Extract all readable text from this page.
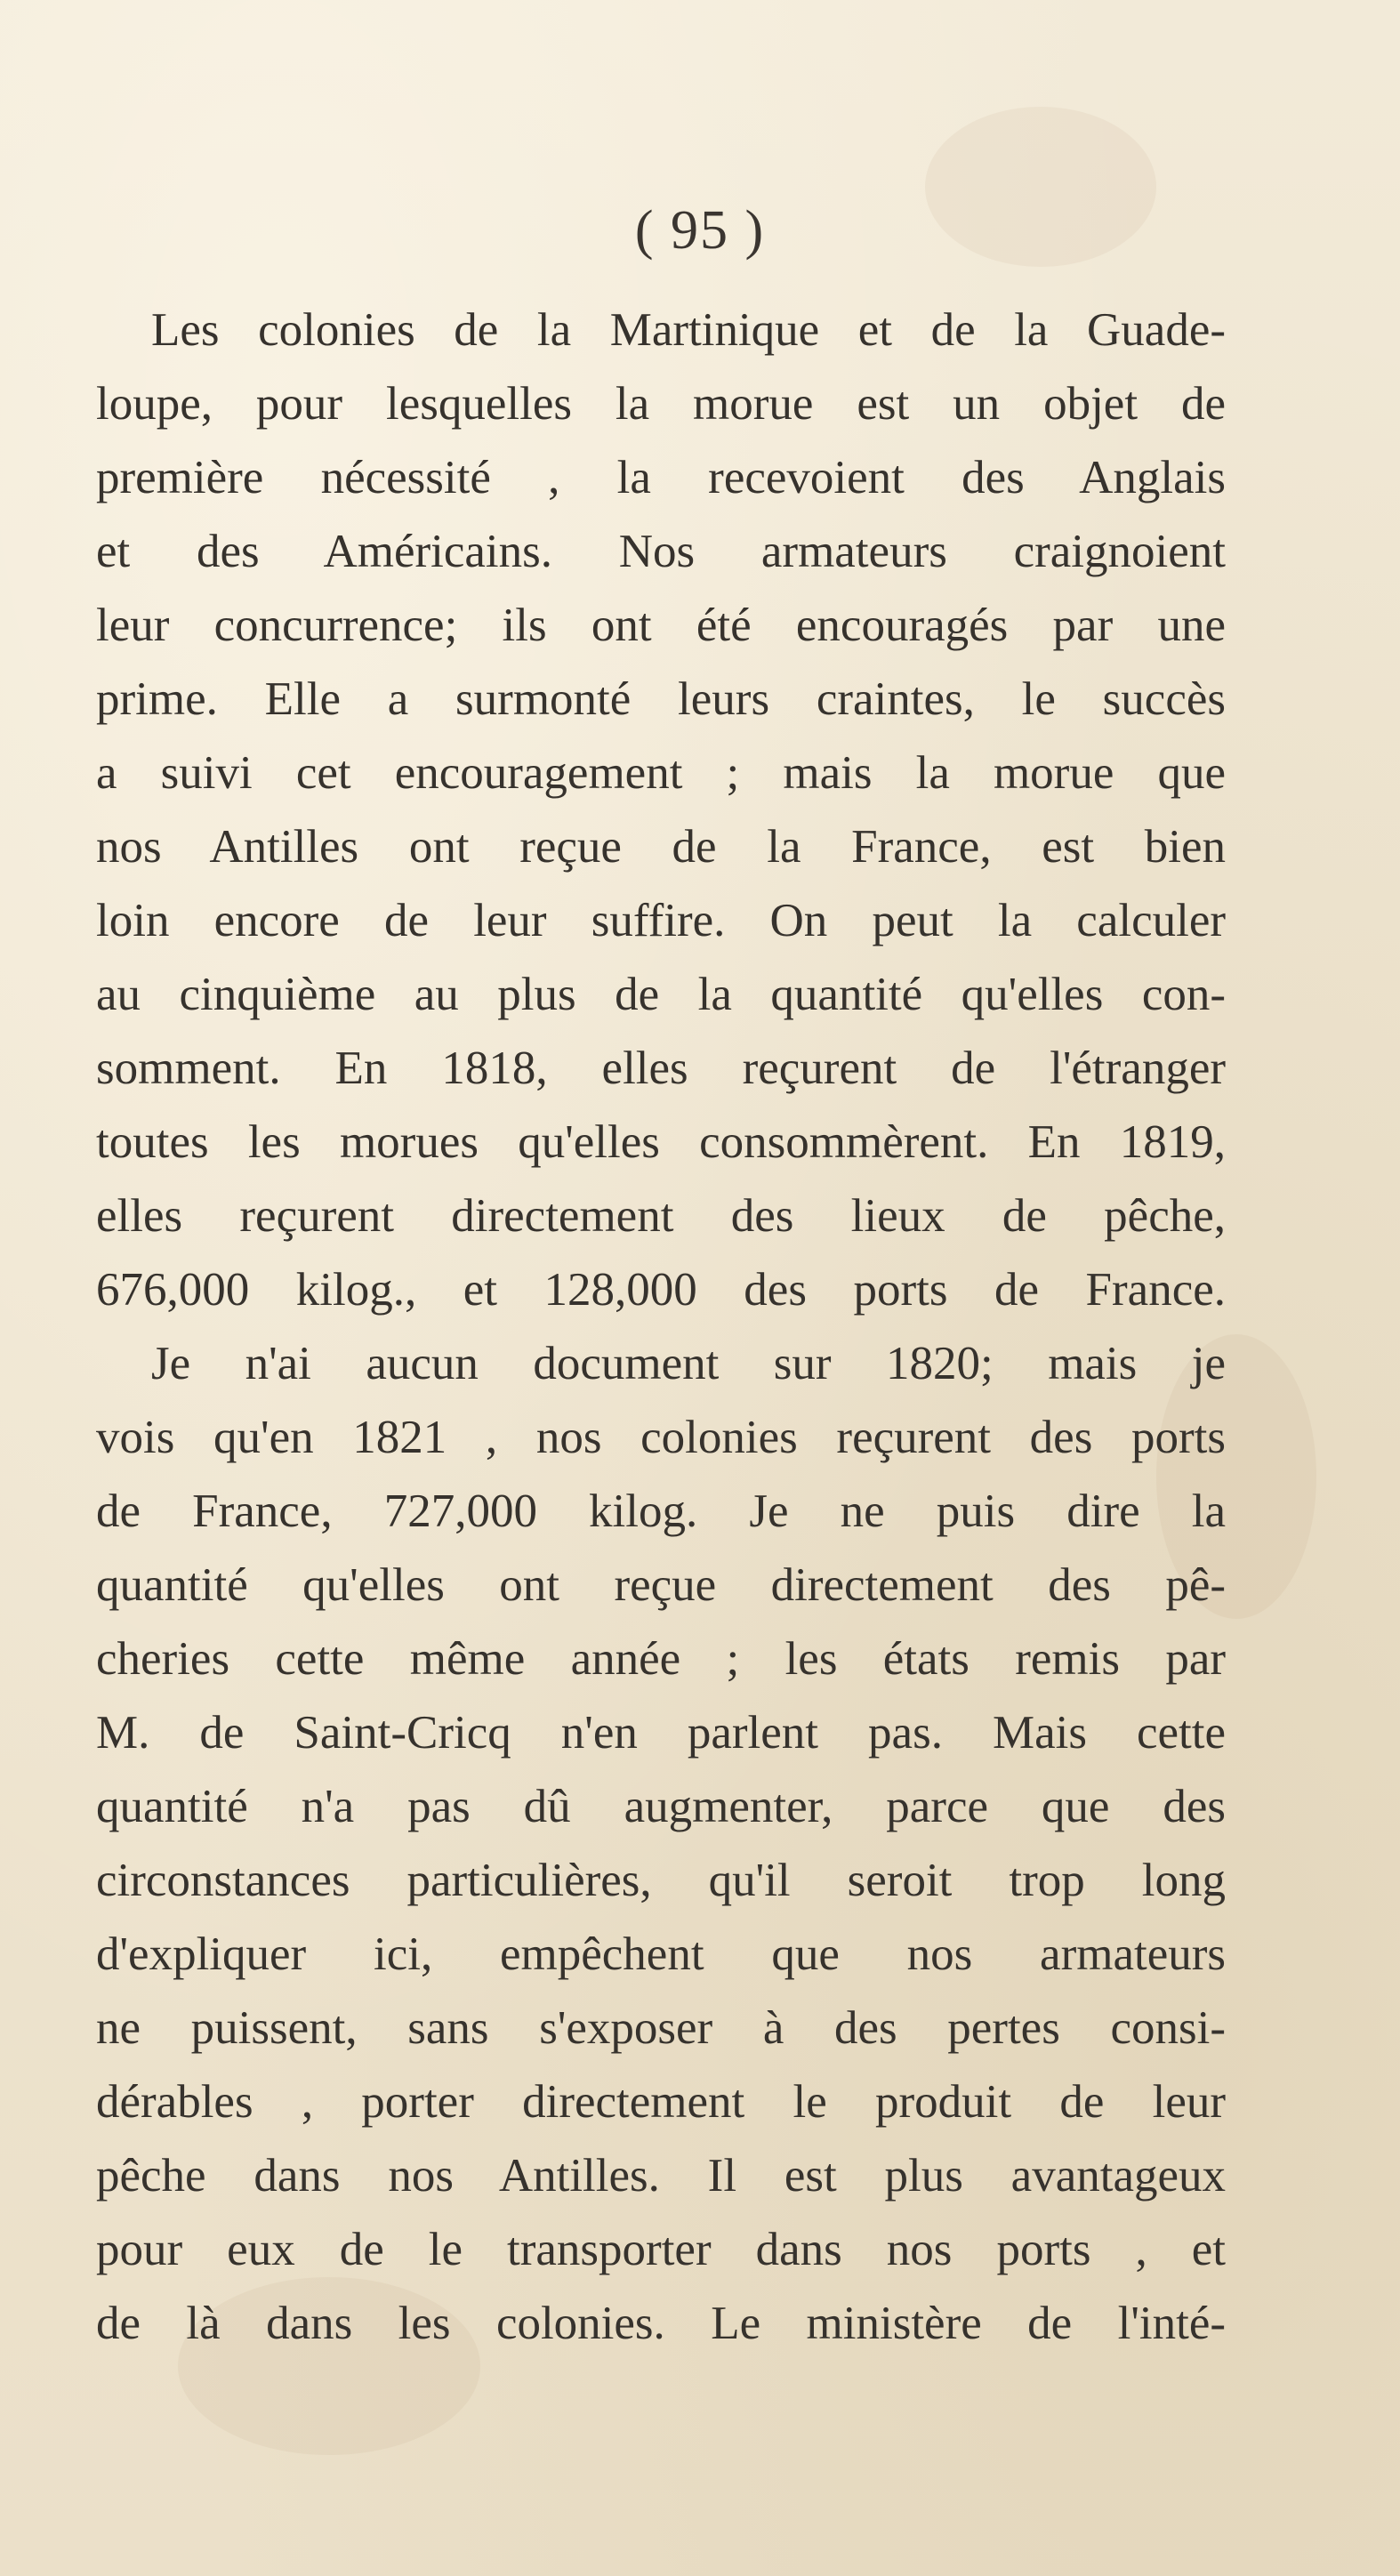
( 95 )
Les colonies de la Martinique et de la Guade-
loupe, pour lesquelles la morue est un objet de
première nécessité , la recevoient des Anglais
et des Américains. Nos armateurs craignoient
leur concurrence; ils ont été encouragés par une
prime. Elle a surmonté leurs craintes, le succès
a suivi cet encouragement ; mais la morue que
nos Antilles ont reçue de la France, est bien
loin encore de leur suffire. On peut la calculer
au cinquième au plus de la quantité qu'elles con-
somment. En 1818, elles reçurent de l'étranger
toutes les morues qu'elles consommèrent. En 1819,
elles reçurent directement des lieux de pêche,
676,000 kilog., et 128,000 des ports de France.
Je n'ai aucun document sur 1820; mais je
vois qu'en 1821 , nos colonies reçurent des ports
de France, 727,000 kilog. Je ne puis dire la
quantité qu'elles ont reçue directement des pê-
cheries cette même année ; les états remis par
M. de Saint-Cricq n'en parlent pas. Mais cette
quantité n'a pas dû augmenter, parce que des
circonstances particulières, qu'il seroit trop long
d'expliquer ici, empêchent que nos armateurs
ne puissent, sans s'exposer à des pertes consi-
dérables , porter directement le produit de leur
pêche dans nos Antilles. Il est plus avantageux
pour eux de le transporter dans nos ports , et
de là dans les colonies. Le ministère de l'inté-
